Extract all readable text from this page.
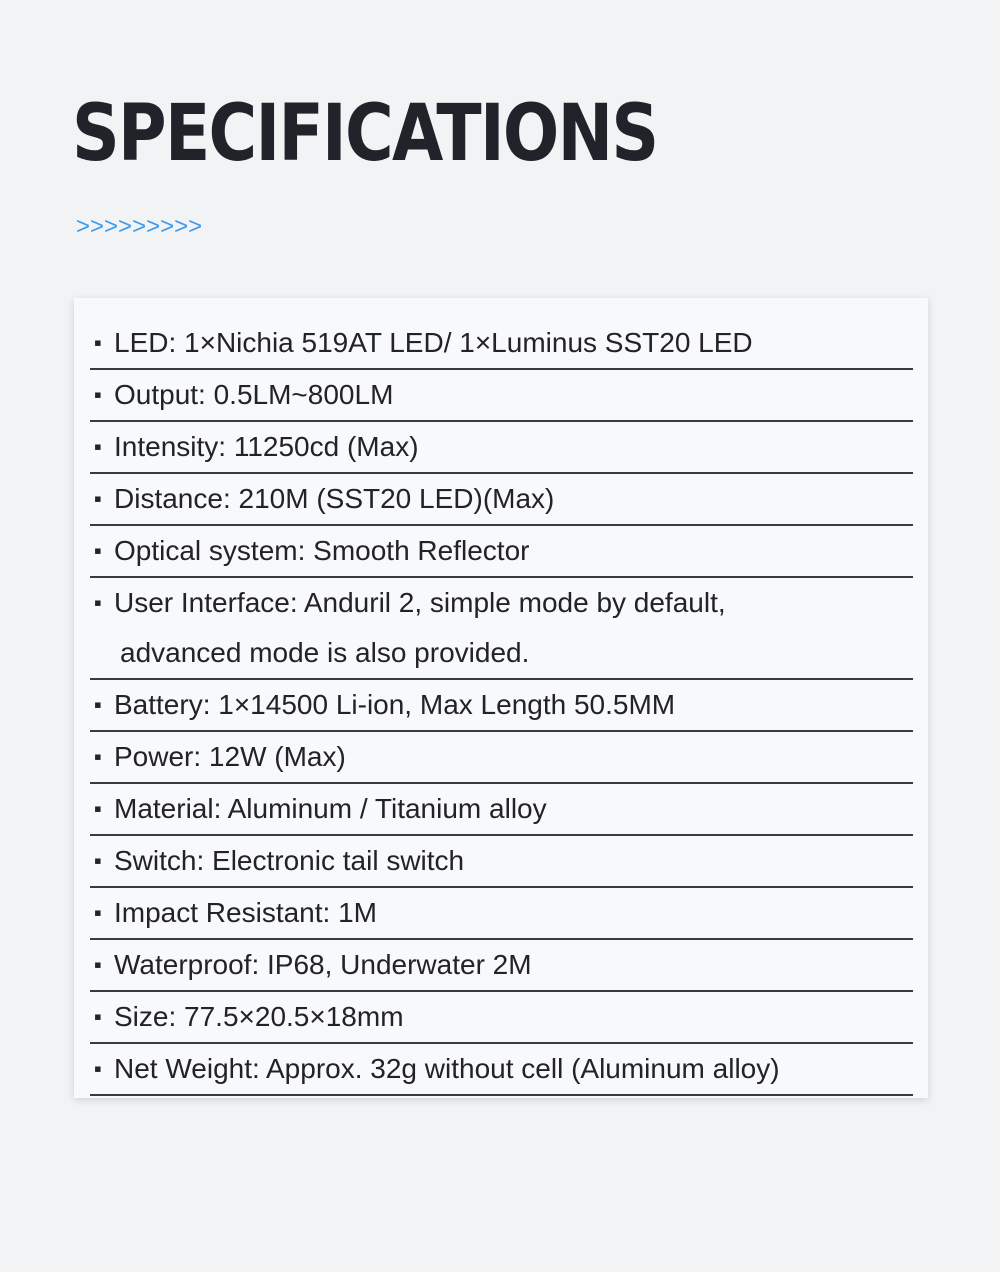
SPECIFICATIONS
>>>>>>>>>
▪ LED: 1×Nichia 519AT LED/ 1×Luminus SST20 LED
▪ Output: 0.5LM~800LM
▪ Intensity: 11250cd (Max)
▪ Distance: 210M (SST20 LED)(Max)
▪ Optical system: Smooth Reflector
▪ User Interface: Anduril 2, simple mode by default,
advanced mode is also provided.
▪ Battery: 1×14500 Li-ion, Max Length 50.5MM
▪ Power: 12W (Max)
▪ Material: Aluminum / Titanium alloy
▪ Switch: Electronic tail switch
▪ Impact Resistant: 1M
▪ Waterproof: IP68, Underwater 2M
▪ Size: 77.5×20.5×18mm
▪ Net Weight: Approx. 32g without cell (Aluminum alloy)
